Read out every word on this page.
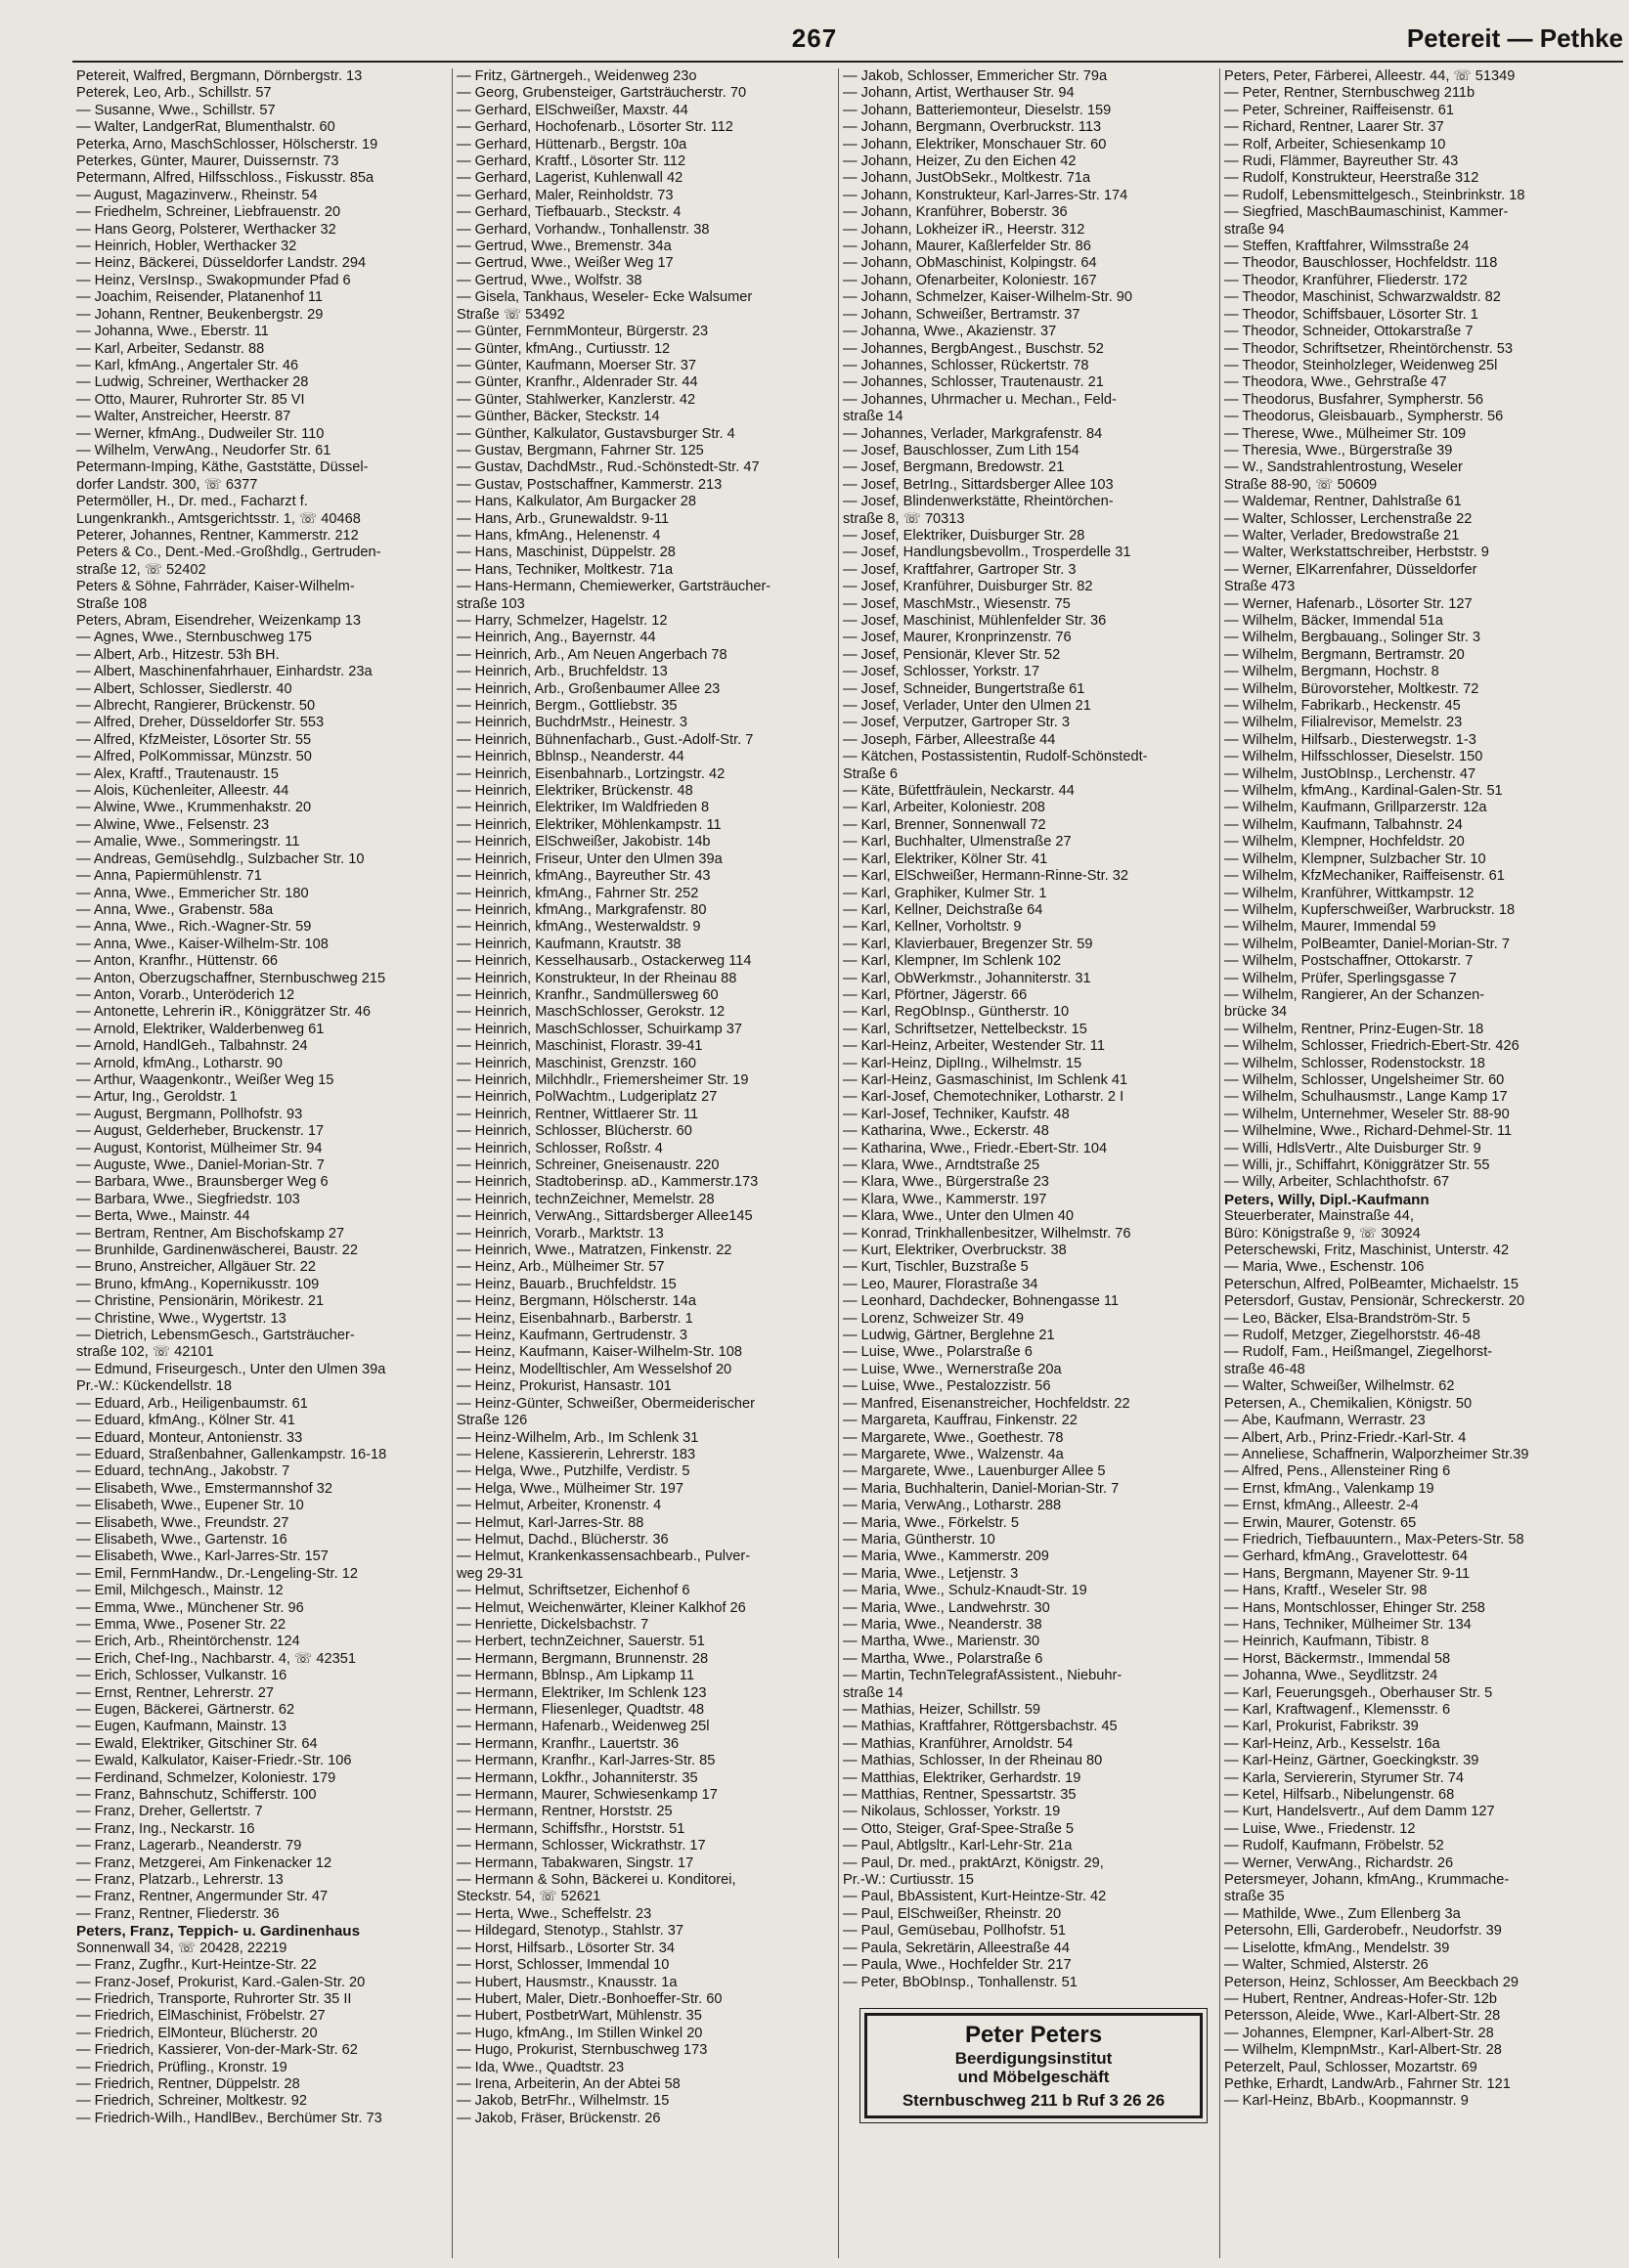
267	Petereit — Pethke
Petereit, Walfred, Bergmann, Dörnbergstr. 13
Peterek, Leo, Arb., Schillstr. 57
— Susanne, Wwe., Schillstr. 57
— Walter, LandgerRat, Blumenthalstr. 60
Peterka, Arno, MaschSchlosser, Hölscherstr. 19
Peterkes, Günter, Maurer, Duissernstr. 73
Petermann, Alfred, Hilfsschloss., Fiskusstr. 85a
— August, Magazinverw., Rheinstr. 54
— Friedhelm, Schreiner, Liebfrauenstr. 20
— Hans Georg, Polsterer, Werthacker 32
— Heinrich, Hobler, Werthacker 32
— Heinz, Bäckerei, Düsseldorfer Landstr. 294
— Heinz, VersInsp., Swakopmunder Pfad 6
— Joachim, Reisender, Platanenhof 11
— Johann, Rentner, Beukenbergstr. 29
— Johanna, Wwe., Eberstr. 11
— Karl, Arbeiter, Sedanstr. 88
— Karl, kfmAng., Angertaler Str. 46
— Ludwig, Schreiner, Werthacker 28
— Otto, Maurer, Ruhrorter Str. 85 VI
— Walter, Anstreicher, Heerstr. 87
— Werner, kfmAng., Dudweiler Str. 110
— Wilhelm, VerwAng., Neudorfer Str. 61
Petermann-Imping, Käthe, Gaststätte, Düssel-
dorfer Landstr. 300, ☏ 6377
Petermöller, H., Dr. med., Facharzt f.
Lungenkrankh., Amtsgerichtsstr. 1, ☏ 40468
Peterer, Johannes, Rentner, Kammerstr. 212
Peters & Co., Dent.-Med.-Großhdlg., Gertruden-
straße 12, ☏ 52402
Peters & Söhne, Fahrräder, Kaiser-Wilhelm-
Straße 108
Peters, Abram, Eisendreher, Weizenkamp 13
— Agnes, Wwe., Sternbuschweg 175
— Albert, Arb., Hitzestr. 53h BH.
— Albert, Maschinenfahrhauer, Einhardstr. 23a
— Albert, Schlosser, Siedlerstr. 40
— Albrecht, Rangierer, Brückenstr. 50
— Alfred, Dreher, Düsseldorfer Str. 553
— Alfred, KfzMeister, Lösorter Str. 55
— Alfred, PolKommissar, Münzstr. 50
— Alex, Kraftf., Trautenaustr. 15
— Alois, Küchenleiter, Alleestr. 44
— Alwine, Wwe., Krummenhakstr. 20
— Alwine, Wwe., Felsenstr. 23
— Amalie, Wwe., Sommeringstr. 11
— Andreas, Gemüsehdlg., Sulzbacher Str. 10
— Anna, Papiermühlenstr. 71
— Anna, Wwe., Emmericher Str. 180
— Anna, Wwe., Grabenstr. 58a
— Anna, Wwe., Rich.-Wagner-Str. 59
— Anna, Wwe., Kaiser-Wilhelm-Str. 108
— Anton, Kranfhr., Hüttenstr. 66
— Anton, Oberzugschaffner, Sternbuschweg 215
— Anton, Vorarb., Unteröderich 12
— Antonette, Lehrerin iR., Königgrätzer Str. 46
— Arnold, Elektriker, Walderbenweg 61
— Arnold, HandlGeh., Talbahnstr. 24
— Arnold, kfmAng., Lotharstr. 90
— Arthur, Waagenkontr., Weißer Weg 15
— Artur, Ing., Geroldstr. 1
— August, Bergmann, Pollhofstr. 93
— August, Gelderheber, Bruckenstr. 17
— August, Kontorist, Mülheimer Str. 94
— Auguste, Wwe., Daniel-Morian-Str. 7
— Barbara, Wwe., Braunsberger Weg 6
— Barbara, Wwe., Siegfriedstr. 103
— Berta, Wwe., Mainstr. 44
— Bertram, Rentner, Am Bischofskamp 27
— Brunhilde, Gardinenwäscherei, Baustr. 22
— Bruno, Anstreicher, Allgäuer Str. 22
— Bruno, kfmAng., Kopernikusstr. 109
— Christine, Pensionärin, Mörikestr. 21
— Christine, Wwe., Wygertstr. 13
— Dietrich, LebensmGesch., Gartsträucher-
straße 102, ☏ 42101
— Edmund, Friseurgesch., Unter den Ulmen 39a
Pr.-W.: Kückendellstr. 18
— Eduard, Arb., Heiligenbaumstr. 61
— Eduard, kfmAng., Kölner Str. 41
— Eduard, Monteur, Antonienstr. 33
— Eduard, Straßenbahner, Gallenkampstr. 16-18
— Eduard, technAng., Jakobstr. 7
— Elisabeth, Wwe., Emstermannshof 32
— Elisabeth, Wwe., Eupener Str. 10
— Elisabeth, Wwe., Freundstr. 27
— Elisabeth, Wwe., Gartenstr. 16
— Elisabeth, Wwe., Karl-Jarres-Str. 157
— Emil, FernmHandw., Dr.-Lengeling-Str. 12
— Emil, Milchgesch., Mainstr. 12
— Emma, Wwe., Münchener Str. 96
— Emma, Wwe., Posener Str. 22
— Erich, Arb., Rheintörchenstr. 124
— Erich, Chef-Ing., Nachbarstr. 4, ☏ 42351
— Erich, Schlosser, Vulkanstr. 16
— Ernst, Rentner, Lehrerstr. 27
— Eugen, Bäckerei, Gärtnerstr. 62
— Eugen, Kaufmann, Mainstr. 13
— Ewald, Elektriker, Gitschiner Str. 64
— Ewald, Kalkulator, Kaiser-Friedr.-Str. 106
— Ferdinand, Schmelzer, Koloniestr. 179
— Franz, Bahnschutz, Schifferstr. 100
— Franz, Dreher, Gellertstr. 7
— Franz, Ing., Neckarstr. 16
— Franz, Lagerarb., Neanderstr. 79
— Franz, Metzgerei, Am Finkenacker 12
— Franz, Platzarb., Lehrerstr. 13
— Franz, Rentner, Angermunder Str. 47
— Franz, Rentner, Fliederstr. 36
Peters, Franz, Teppich- u. Gardinenhaus
Sonnenwall 34, ☏ 20428, 22219
— Franz, Zugfhr., Kurt-Heintze-Str. 22
— Franz-Josef, Prokurist, Kard.-Galen-Str. 20
— Friedrich, Transporte, Ruhrorter Str. 35 II
— Friedrich, ElMaschinist, Fröbelstr. 27
— Friedrich, ElMonteur, Blücherstr. 20
— Friedrich, Kassierer, Von-der-Mark-Str. 62
— Friedrich, Prüfling., Kronstr. 19
— Friedrich, Rentner, Düppelstr. 28
— Friedrich, Schreiner, Moltkestr. 92
— Friedrich-Wilh., HandlBev., Berchümer Str. 73
— Fritz, Gärtnergeh., Weidenweg 23o
— Georg, Grubensteiger, Gartsträucherstr. 70
— Gerhard, ElSchweißer, Maxstr. 44
— Gerhard, Hochofenarb., Lösorter Str. 112
— Gerhard, Hüttenarb., Bergstr. 10a
— Gerhard, Kraftf., Lösorter Str. 112
— Gerhard, Lagerist, Kuhlenwall 42
— Gerhard, Maler, Reinholdstr. 73
— Gerhard, Tiefbauarb., Steckstr. 4
— Gerhard, Vorhandw., Tonhallenstr. 38
— Gertrud, Wwe., Bremenstr. 34a
— Gertrud, Wwe., Weißer Weg 17
— Gertrud, Wwe., Wolfstr. 38
— Gisela, Tankhaus, Weseler- Ecke Walsumer
Straße ☏ 53492
— Günter, FernmMonteur, Bürgerstr. 23
— Günter, kfmAng., Curtiusstr. 12
— Günter, Kaufmann, Moerser Str. 37
— Günter, Kranfhr., Aldenrader Str. 44
— Günter, Stahlwerker, Kanzlerstr. 42
— Günther, Bäcker, Steckstr. 14
— Günther, Kalkulator, Gustavsburger Str. 4
— Gustav, Bergmann, Fahrner Str. 125
— Gustav, DachdMstr., Rud.-Schönstedt-Str. 47
— Gustav, Postschaffner, Kammerstr. 213
— Hans, Kalkulator, Am Burgacker 28
— Hans, Arb., Grunewaldstr. 9-11
— Hans, kfmAng., Helenenstr. 4
— Hans, Maschinist, Düppelstr. 28
— Hans, Techniker, Moltkestr. 71a
— Hans-Hermann, Chemiewerker, Gartsträucher-
straße 103
— Harry, Schmelzer, Hagelstr. 12
— Heinrich, Ang., Bayernstr. 44
— Heinrich, Arb., Am Neuen Angerbach 78
— Heinrich, Arb., Bruchfeldstr. 13
— Heinrich, Arb., Großenbaumer Allee 23
— Heinrich, Bergm., Gottliebstr. 35
— Heinrich, BuchdrMstr., Heinestr. 3
— Heinrich, Bühnenfacharb., Gust.-Adolf-Str. 7
— Heinrich, Bblnsp., Neanderstr. 44
— Heinrich, Eisenbahnarb., Lortzingstr. 42
— Heinrich, Elektriker, Brückenstr. 48
— Heinrich, Elektriker, Im Waldfrieden 8
— Heinrich, Elektriker, Möhlenkampstr. 11
— Heinrich, ElSchweißer, Jakobistr. 14b
— Heinrich, Friseur, Unter den Ulmen 39a
— Heinrich, kfmAng., Bayreuther Str. 43
— Heinrich, kfmAng., Fahrner Str. 252
— Heinrich, kfmAng., Markgrafenstr. 80
— Heinrich, kfmAng., Westerwaldstr. 9
— Heinrich, Kaufmann, Krautstr. 38
— Heinrich, Kesselhausarb., Ostackerweg 114
— Heinrich, Konstrukteur, In der Rheinau 88
— Heinrich, Kranfhr., Sandmüllersweg 60
— Heinrich, MaschSchlosser, Gerokstr. 12
— Heinrich, MaschSchlosser, Schuirkamp 37
— Heinrich, Maschinist, Florastr. 39-41
— Heinrich, Maschinist, Grenzstr. 160
— Heinrich, Milchhdlr., Friemersheimer Str. 19
— Heinrich, PolWachtm., Ludgeriplatz 27
— Heinrich, Rentner, Wittlaerer Str. 11
— Heinrich, Schlosser, Blücherstr. 60
— Heinrich, Schlosser, Roßstr. 4
— Heinrich, Schreiner, Gneisenaustr. 220
— Heinrich, Stadtoberinsp. aD., Kammerstr.173
— Heinrich, technZeichner, Memelstr. 28
— Heinrich, VerwAng., Sittardsberger Allee145
— Heinrich, Vorarb., Marktstr. 13
— Heinrich, Wwe., Matratzen, Finkenstr. 22
— Heinz, Arb., Mülheimer Str. 57
— Heinz, Bauarb., Bruchfeldstr. 15
— Heinz, Bergmann, Hölscherstr. 14a
— Heinz, Eisenbahnarb., Barberstr. 1
— Heinz, Kaufmann, Gertrudenstr. 3
— Heinz, Kaufmann, Kaiser-Wilhelm-Str. 108
— Heinz, Modelltischler, Am Wesselshof 20
— Heinz, Prokurist, Hansastr. 101
— Heinz-Günter, Schweißer, Obermeiderischer
Straße 126
— Heinz-Wilhelm, Arb., Im Schlenk 31
— Helene, Kassiererin, Lehrerstr. 183
— Helga, Wwe., Putzhilfe, Verdistr. 5
— Helga, Wwe., Mülheimer Str. 197
— Helmut, Arbeiter, Kronenstr. 4
— Helmut, Karl-Jarres-Str. 88
— Helmut, Dachd., Blücherstr. 36
— Helmut, Krankenkassensachbearb., Pulver-
weg 29-31
— Helmut, Schriftsetzer, Eichenhof 6
— Helmut, Weichenwärter, Kleiner Kalkhof 26
— Henriette, Dickelsbachstr. 7
— Herbert, technZeichner, Sauerstr. 51
— Hermann, Bergmann, Brunnenstr. 28
— Hermann, Bblnsp., Am Lipkamp 11
— Hermann, Elektriker, Im Schlenk 123
— Hermann, Fliesenleger, Quadtstr. 48
— Hermann, Hafenarb., Weidenweg 25l
— Hermann, Kranfhr., Lauertstr. 36
— Hermann, Kranfhr., Karl-Jarres-Str. 85
— Hermann, Lokfhr., Johanniterstr. 35
— Hermann, Maurer, Schwiesenkamp 17
— Hermann, Rentner, Horststr. 25
— Hermann, Schiffsfhr., Horststr. 51
— Hermann, Schlosser, Wickrathstr. 17
— Hermann, Tabakwaren, Singstr. 17
— Hermann & Sohn, Bäckerei u. Konditorei,
Steckstr. 54, ☏ 52621
— Herta, Wwe., Scheffelstr. 23
— Hildegard, Stenotyp., Stahlstr. 37
— Horst, Hilfsarb., Lösorter Str. 34
— Horst, Schlosser, Immendal 10
— Hubert, Hausmstr., Knausstr. 1a
— Hubert, Maler, Dietr.-Bonhoeffer-Str. 60
— Hubert, PostbetrWart, Mühlenstr. 35
— Hugo, kfmAng., Im Stillen Winkel 20
— Hugo, Prokurist, Sternbuschweg 173
— Ida, Wwe., Quadtstr. 23
— Irena, Arbeiterin, An der Abtei 58
— Jakob, BetrFhr., Wilhelmstr. 15
— Jakob, Fräser, Brückenstr. 26
— Jakob, Schlosser, Emmericher Str. 79a
— Johann, Artist, Werthauser Str. 94
— Johann, Batteriemonteur, Dieselstr. 159
— Johann, Bergmann, Overbruckstr. 113
— Johann, Elektriker, Monschauer Str. 60
— Johann, Heizer, Zu den Eichen 42
— Johann, JustObSekr., Moltkestr. 71a
— Johann, Konstrukteur, Karl-Jarres-Str. 174
— Johann, Kranführer, Boberstr. 36
— Johann, Lokheizer iR., Heerstr. 312
— Johann, Maurer, Kaßlerfelder Str. 86
— Johann, ObMaschinist, Kolpingstr. 64
— Johann, Ofenarbeiter, Koloniestr. 167
— Johann, Schmelzer, Kaiser-Wilhelm-Str. 90
— Johann, Schweißer, Bertramstr. 37
— Johanna, Wwe., Akazienstr. 37
— Johannes, BergbAngest., Buschstr. 52
— Johannes, Schlosser, Rückertstr. 78
— Johannes, Schlosser, Trautenaustr. 21
— Johannes, Uhrmacher u. Mechan., Feld-
straße 14
— Johannes, Verlader, Markgrafenstr. 84
— Josef, Bauschlosser, Zum Lith 154
— Josef, Bergmann, Bredowstr. 21
— Josef, BetrIng., Sittardsberger Allee 103
— Josef, Blindenwerkstätte, Rheintörchen-
straße 8, ☏ 70313
— Josef, Elektriker, Duisburger Str. 28
— Josef, Handlungsbevollm., Trosperdelle 31
— Josef, Kraftfahrer, Gartroper Str. 3
— Josef, Kranführer, Duisburger Str. 82
— Josef, MaschMstr., Wiesenstr. 75
— Josef, Maschinist, Mühlenfelder Str. 36
— Josef, Maurer, Kronprinzenstr. 76
— Josef, Pensionär, Klever Str. 52
— Josef, Schlosser, Yorkstr. 17
— Josef, Schneider, Bungertstraße 61
— Josef, Verlader, Unter den Ulmen 21
— Josef, Verputzer, Gartroper Str. 3
— Joseph, Färber, Alleestraße 44
— Kätchen, Postassistentin, Rudolf-Schönstedt-
Straße 6
— Käte, Büfettfräulein, Neckarstr. 44
— Karl, Arbeiter, Koloniestr. 208
— Karl, Brenner, Sonnenwall 72
— Karl, Buchhalter, Ulmenstraße 27
— Karl, Elektriker, Kölner Str. 41
— Karl, ElSchweißer, Hermann-Rinne-Str. 32
— Karl, Graphiker, Kulmer Str. 1
— Karl, Kellner, Deichstraße 64
— Karl, Kellner, Vorholtstr. 9
— Karl, Klavierbauer, Bregenzer Str. 59
— Karl, Klempner, Im Schlenk 102
— Karl, ObWerkmstr., Johanniterstr. 31
— Karl, Pförtner, Jägerstr. 66
— Karl, RegObInsp., Güntherstr. 10
— Karl, Schriftsetzer, Nettelbeckstr. 15
— Karl-Heinz, Arbeiter, Westender Str. 11
— Karl-Heinz, DiplIng., Wilhelmstr. 15
— Karl-Heinz, Gasmaschinist, Im Schlenk 41
— Karl-Josef, Chemotechniker, Lotharstr. 2 I
— Karl-Josef, Techniker, Kaufstr. 48
— Katharina, Wwe., Eckerstr. 48
— Katharina, Wwe., Friedr.-Ebert-Str. 104
— Klara, Wwe., Arndtstraße 25
— Klara, Wwe., Bürgerstraße 23
— Klara, Wwe., Kammerstr. 197
— Klara, Wwe., Unter den Ulmen 40
— Konrad, Trinkhallenbesitzer, Wilhelmstr. 76
— Kurt, Elektriker, Overbruckstr. 38
— Kurt, Tischler, Buzstraße 5
— Leo, Maurer, Florastraße 34
— Leonhard, Dachdecker, Bohnengasse 11
— Lorenz, Schweizer Str. 49
— Ludwig, Gärtner, Berglehne 21
— Luise, Wwe., Polarstraße 6
— Luise, Wwe., Wernerstraße 20a
— Luise, Wwe., Pestalozzistr. 56
— Manfred, Eisenanstreicher, Hochfeldstr. 22
— Margareta, Kauffrau, Finkenstr. 22
— Margarete, Wwe., Goethestr. 78
— Margarete, Wwe., Walzenstr. 4a
— Margarete, Wwe., Lauenburger Allee 5
— Maria, Buchhalterin, Daniel-Morian-Str. 7
— Maria, VerwAng., Lotharstr. 288
— Maria, Wwe., Förkelstr. 5
— Maria, Güntherstr. 10
— Maria, Wwe., Kammerstr. 209
— Maria, Wwe., Letjenstr. 3
— Maria, Wwe., Schulz-Knaudt-Str. 19
— Maria, Wwe., Landwehrstr. 30
— Maria, Wwe., Neanderstr. 38
— Martha, Wwe., Marienstr. 30
— Martha, Wwe., Polarstraße 6
— Martin, TechnTelegrafAssistent., Niebuhr-
straße 14
— Mathias, Heizer, Schillstr. 59
— Mathias, Kraftfahrer, Röttgersbachstr. 45
— Mathias, Kranführer, Arnoldstr. 54
— Mathias, Schlosser, In der Rheinau 80
— Matthias, Elektriker, Gerhardstr. 19
— Matthias, Rentner, Spessartstr. 35
— Nikolaus, Schlosser, Yorkstr. 19
— Otto, Steiger, Graf-Spee-Straße 5
— Paul, Abtlgsltr., Karl-Lehr-Str. 21a
— Paul, Dr. med., praktArzt, Königstr. 29,
Pr.-W.: Curtiusstr. 15
— Paul, BbAssistent, Kurt-Heintze-Str. 42
— Paul, ElSchweißer, Rheinstr. 20
— Paul, Gemüsebau, Pollhofstr. 51
— Paula, Sekretärin, Alleestraße 44
— Paula, Wwe., Hochfelder Str. 217
— Peter, BbObInsp., Tonhallenstr. 51
Peter Peters
Beerdigungsinstitut
und Möbelgeschäft
Sternbuschweg 211 b Ruf 3 26 26
Peters, Peter, Färberei, Alleestr. 44, ☏ 51349
— Peter, Rentner, Sternbuschweg 211b
— Peter, Schreiner, Raiffeisenstr. 61
— Richard, Rentner, Laarer Str. 37
— Rolf, Arbeiter, Schiesenkamp 10
— Rudi, Flämmer, Bayreuther Str. 43
— Rudolf, Konstrukteur, Heerstraße 312
— Rudolf, Lebensmittelgesch., Steinbrinkstr. 18
— Siegfried, MaschBaumaschinist, Kammer-
straße 94
— Steffen, Kraftfahrer, Wilmsstraße 24
— Theodor, Bauschlosser, Hochfeldstr. 118
— Theodor, Kranführer, Fliederstr. 172
— Theodor, Maschinist, Schwarzwaldstr. 82
— Theodor, Schiffsbauer, Lösorter Str. 1
— Theodor, Schneider, Ottokarstraße 7
— Theodor, Schriftsetzer, Rheintörchenstr. 53
— Theodor, Steinholzleger, Weidenweg 25l
— Theodora, Wwe., Gehrstraße 47
— Theodorus, Busfahrer, Sympherstr. 56
— Theodorus, Gleisbauarb., Sympherstr. 56
— Therese, Wwe., Mülheimer Str. 109
— Theresia, Wwe., Bürgerstraße 39
— W., Sandstrahlentrostung, Weseler
Straße 88-90, ☏ 50609
— Waldemar, Rentner, Dahlstraße 61
— Walter, Schlosser, Lerchenstraße 22
— Walter, Verlader, Bredowstraße 21
— Walter, Werkstattschreiber, Herbststr. 9
— Werner, ElKarrenfahrer, Düsseldorfer
Straße 473
— Werner, Hafenarb., Lösorter Str. 127
— Wilhelm, Bäcker, Immendal 51a
— Wilhelm, Bergbauang., Solinger Str. 3
— Wilhelm, Bergmann, Bertramstr. 20
— Wilhelm, Bergmann, Hochstr. 8
— Wilhelm, Bürovorsteher, Moltkestr. 72
— Wilhelm, Fabrikarb., Heckenstr. 45
— Wilhelm, Filialrevisor, Memelstr. 23
— Wilhelm, Hilfsarb., Diesterwegstr. 1-3
— Wilhelm, Hilfsschlosser, Dieselstr. 150
— Wilhelm, JustObInsp., Lerchenstr. 47
— Wilhelm, kfmAng., Kardinal-Galen-Str. 51
— Wilhelm, Kaufmann, Grillparzerstr. 12a
— Wilhelm, Kaufmann, Talbahnstr. 24
— Wilhelm, Klempner, Hochfeldstr. 20
— Wilhelm, Klempner, Sulzbacher Str. 10
— Wilhelm, KfzMechaniker, Raiffeisenstr. 61
— Wilhelm, Kranführer, Wittkampstr. 12
— Wilhelm, Kupferschweißer, Warbruckstr. 18
— Wilhelm, Maurer, Immendal 59
— Wilhelm, PolBeamter, Daniel-Morian-Str. 7
— Wilhelm, Postschaffner, Ottokarstr. 7
— Wilhelm, Prüfer, Sperlingsgasse 7
— Wilhelm, Rangierer, An der Schanzen-
brücke 34
— Wilhelm, Rentner, Prinz-Eugen-Str. 18
— Wilhelm, Schlosser, Friedrich-Ebert-Str. 426
— Wilhelm, Schlosser, Rodenstockstr. 18
— Wilhelm, Schlosser, Ungelsheimer Str. 60
— Wilhelm, Schulhausmstr., Lange Kamp 17
— Wilhelm, Unternehmer, Weseler Str. 88-90
— Wilhelmine, Wwe., Richard-Dehmel-Str. 11
— Willi, HdlsVertr., Alte Duisburger Str. 9
— Willi, jr., Schiffahrt, Königgrätzer Str. 55
— Willy, Arbeiter, Schlachthofstr. 67
Peters, Willy, Dipl.-Kaufmann
Steuerberater, Mainstraße 44,
Büro: Königstraße 9, ☏ 30924
Peterschewski, Fritz, Maschinist, Unterstr. 42
— Maria, Wwe., Eschenstr. 106
Peterschun, Alfred, PolBeamter, Michaelstr. 15
Petersdorf, Gustav, Pensionär, Schreckerstr. 20
— Leo, Bäcker, Elsa-Brandström-Str. 5
— Rudolf, Metzger, Ziegelhorststr. 46-48
— Rudolf, Fam., Heißmangel, Ziegelhorst-
straße 46-48
— Walter, Schweißer, Wilhelmstr. 62
Petersen, A., Chemikalien, Königstr. 50
— Abe, Kaufmann, Werrastr. 23
— Albert, Arb., Prinz-Friedr.-Karl-Str. 4
— Anneliese, Schaffnerin, Walporzheimer Str.39
— Alfred, Pens., Allensteiner Ring 6
— Ernst, kfmAng., Valenkamp 19
— Ernst, kfmAng., Alleestr. 2-4
— Erwin, Maurer, Gotenstr. 65
— Friedrich, Tiefbauuntern., Max-Peters-Str. 58
— Gerhard, kfmAng., Gravelottestr. 64
— Hans, Bergmann, Mayener Str. 9-11
— Hans, Kraftf., Weseler Str. 98
— Hans, Montschlosser, Ehinger Str. 258
— Hans, Techniker, Mülheimer Str. 134
— Heinrich, Kaufmann, Tibistr. 8
— Horst, Bäckermstr., Immendal 58
— Johanna, Wwe., Seydlitzstr. 24
— Karl, Feuerungsgeh., Oberhauser Str. 5
— Karl, Kraftwagenf., Klemensstr. 6
— Karl, Prokurist, Fabrikstr. 39
— Karl-Heinz, Arb., Kesselstr. 16a
— Karl-Heinz, Gärtner, Goeckingkstr. 39
— Karla, Serviererin, Styrumer Str. 74
— Ketel, Hilfsarb., Nibelungenstr. 68
— Kurt, Handelsvertr., Auf dem Damm 127
— Luise, Wwe., Friedenstr. 12
— Rudolf, Kaufmann, Fröbelstr. 52
— Werner, VerwAng., Richardstr. 26
Petersmeyer, Johann, kfmAng., Krummache-
straße 35
— Mathilde, Wwe., Zum Ellenberg 3a
Petersohn, Elli, Garderobefr., Neudorfstr. 39
— Liselotte, kfmAng., Mendelstr. 39
— Walter, Schmied, Alsterstr. 26
Peterson, Heinz, Schlosser, Am Beeckbach 29
— Hubert, Rentner, Andreas-Hofer-Str. 12b
Petersson, Aleide, Wwe., Karl-Albert-Str. 28
— Johannes, Elempner, Karl-Albert-Str. 28
— Wilhelm, KlempnMstr., Karl-Albert-Str. 28
Peterzelt, Paul, Schlosser, Mozartstr. 69
Pethke, Erhardt, LandwArb., Fahrner Str. 121
— Karl-Heinz, BbArb., Koopmannstr. 9
